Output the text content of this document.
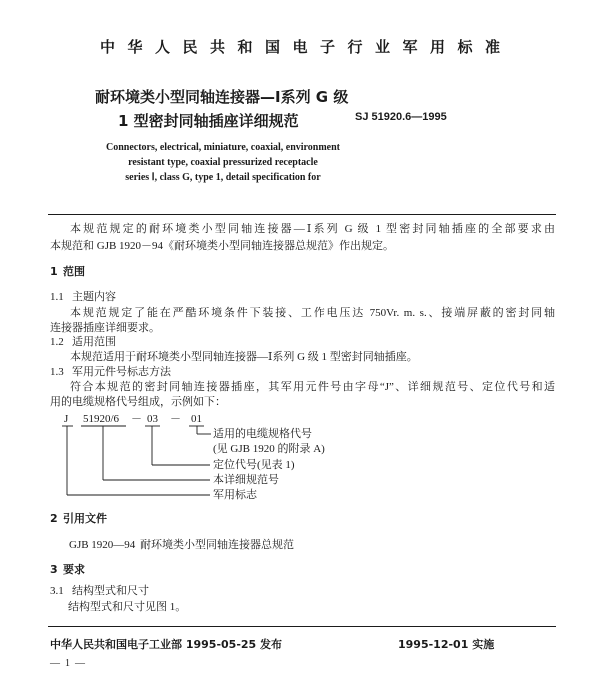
中华人民共和国电子行业军用标准
耐环境类小型同轴连接器—Ⅰ系列 G 级
1 型密封同轴插座详细规范	SJ 51920.6—1995
Connectors, electrical, miniature, coaxial, environment
resistant type, coaxial pressurized receptacle
series Ⅰ, class G, type 1, detail specification for
本规范规定的耐环境类小型同轴连接器—Ⅰ系列 G 级 1 型密封同轴插座的全部要求由
本规范和 GJB 1920－94《耐环境类小型同轴连接器总规范》作出规定。
1 范围
1.1 主题内容
本规范规定了能在严酷环境条件下装接、工作电压达 750Vr. m. s.、接端屏蔽的密封同轴
连接器插座详细要求。
1.2 适用范围
本规范适用于耐环境类小型同轴连接器—Ⅰ系列 G 级 1 型密封同轴插座。
1.3 军用元件号标志方法
符合本规范的密封同轴连接器插座，其军用元件号由字母“J”、详细规范号、定位代号和适
用的电缆规格代号组成，示例如下：
J 51920/6 － 03 － 01
适用的电缆规格代号
(见 GJB 1920 的附录 A)
定位代号(见表 1)
本详细规范号
军用标志
2 引用文件
GJB 1920—94 耐环境类小型同轴连接器总规范
3 要求
3.1 结构型式和尺寸
结构型式和尺寸见图 1。
中华人民共和国电子工业部 1995-05-25 发布	1995-12-01 实施
—  1  —
